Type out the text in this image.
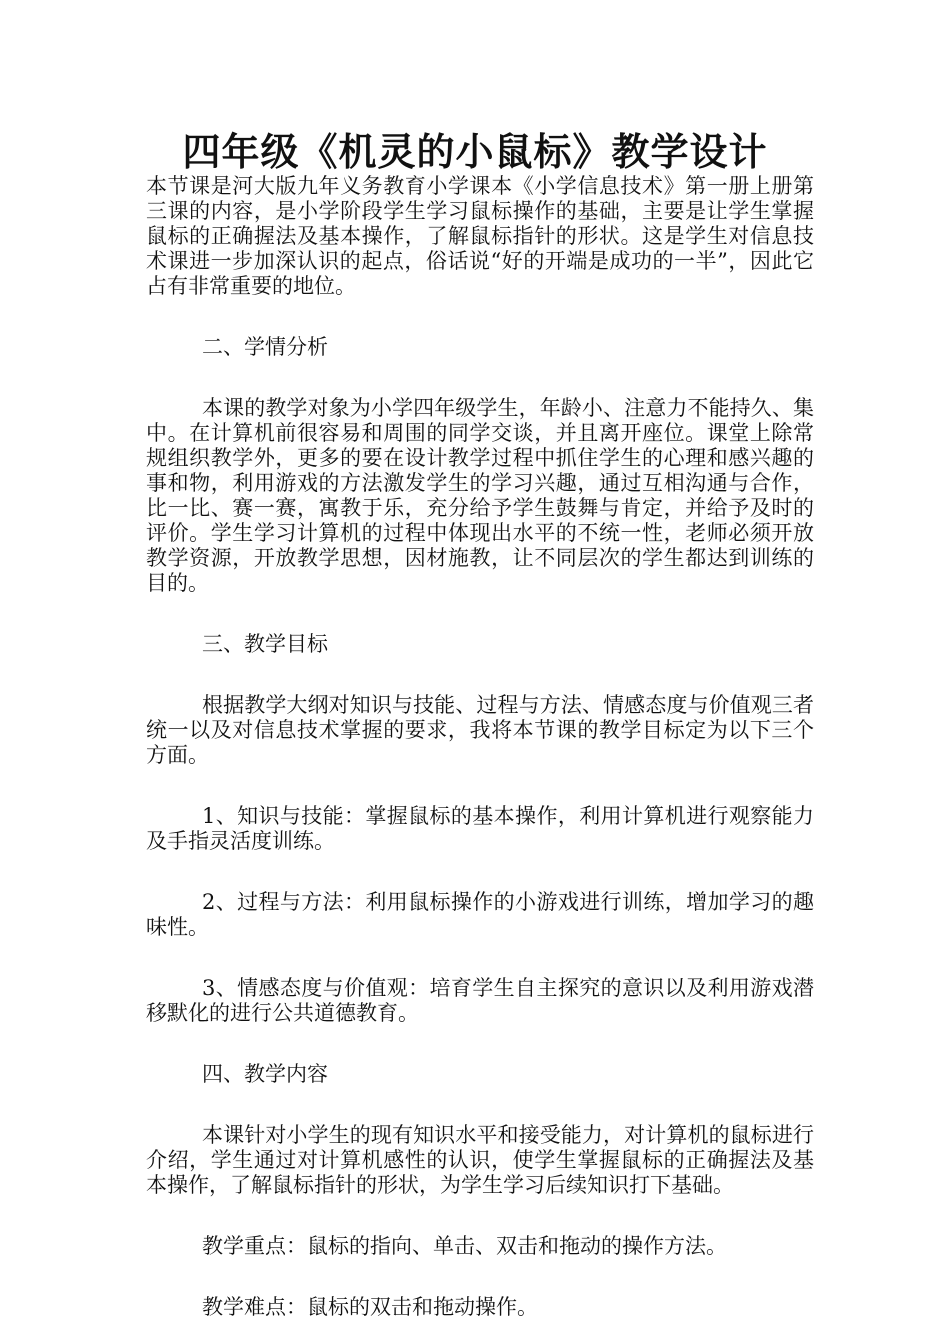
四年级《机灵的小鼠标》教学设计

本节课是河大版九年义务教育小学课本《小学信息技术》第一册上册第三课的内容，是小学阶段学生学习鼠标操作的基础，主要是让学生掌握鼠标的正确握法及基本操作，了解鼠标指针的形状。这是学生对信息技术课进一步加深认识的起点，俗话说“好的开端是成功的一半”，因此它占有非常重要的地位。

二、学情分析

本课的教学对象为小学四年级学生，年龄小、注意力不能持久、集中。在计算机前很容易和周围的同学交谈，并且离开座位。课堂上除常规组织教学外，更多的要在设计教学过程中抓住学生的心理和感兴趣的事和物，利用游戏的方法激发学生的学习兴趣，通过互相沟通与合作，比一比、赛一赛，寓教于乐，充分给予学生鼓舞与肯定，并给予及时的评价。学生学习计算机的过程中体现出水平的不统一性，老师必须开放教学资源，开放教学思想，因材施教，让不同层次的学生都达到训练的目的。

三、教学目标

根据教学大纲对知识与技能、过程与方法、情感态度与价值观三者统一以及对信息技术掌握的要求，我将本节课的教学目标定为以下三个方面。

1、知识与技能：掌握鼠标的基本操作，利用计算机进行观察能力及手指灵活度训练。

2、过程与方法：利用鼠标操作的小游戏进行训练，增加学习的趣味性。

3、情感态度与价值观：培育学生自主探究的意识以及利用游戏潜移默化的进行公共道德教育。

四、教学内容

本课针对小学生的现有知识水平和接受能力，对计算机的鼠标进行介绍，学生通过对计算机感性的认识，使学生掌握鼠标的正确握法及基本操作，了解鼠标指针的形状，为学生学习后续知识打下基础。

教学重点：鼠标的指向、单击、双击和拖动的操作方法。

教学难点：鼠标的双击和拖动操作。
